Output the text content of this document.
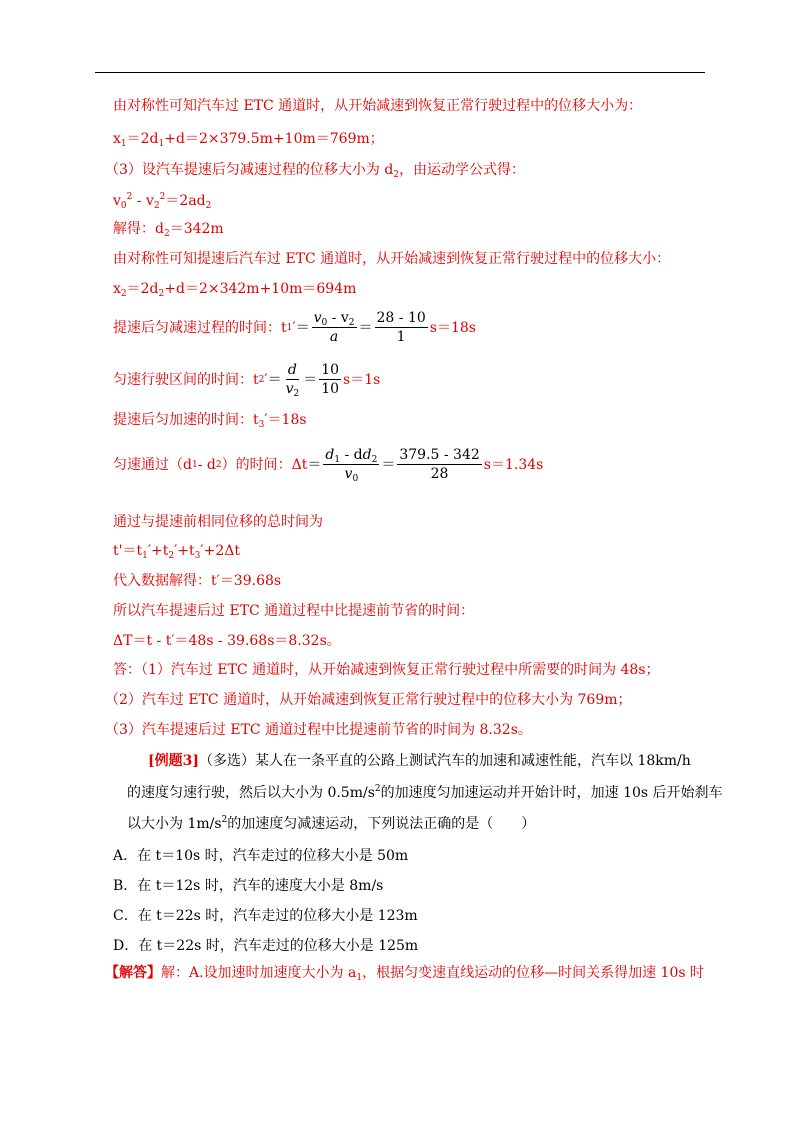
由对称性可知汽车过 ETC 通道时，从开始减速到恢复正常行驶过程中的位移大小为：
$x_1=2d_1+d=2\times 379.5m+10m=769m$；
（3）设汽车提速后匀减速过程的位移大小为 $d_2$，由运动学公式得：
$v_0^2 - v_2^2=2ad_2$
解得：$d_2=342m$
由对称性可知提速后汽车过 ETC 通道时，从开始减速到恢复正常行驶过程中的位移大小：
$x_2=2d_2+d=2\times 342m+10m=694m$
提速后匀减速过程的时间：t 1 ′ ＝ $\frac{v_0 - v_2}{a} = \frac{28 - 10}{1} s=18s$
匀速行驶区间的时间：t 2 ′ ＝ $\frac{d}{v_2} = \frac{10}{10} s=1s$
提速后匀加速的时间：$t_3'=18s$
匀速通过（d 1 - d 2 ）的时间：$\Delta t = \frac{d_1 - dd_2}{v_0} = \frac{379.5 - 342}{28} s=1.34s$
通过与提速前相同位移的总时间为
$t'=t_1'+t_2'+t_3'+2\Delta t$
代入数据解得：t′＝39.68s
所以汽车提速后过 ETC 通道过程中比提速前节省的时间：
ΔT＝t - t′＝48s - 39.68s＝8.32s。
答：（1）汽车过 ETC 通道时，从开始减速到恢复正常行驶过程中所需要的时间为 48s；
（2）汽车过 ETC 通道时，从开始减速到恢复正常行驶过程中的位移大小为 769m；
（3）汽车提速后过 ETC 通道过程中比提速前节省的时间为 8.32s。
[例题3]（多选）某人在一条平直的公路上测试汽车的加速和减速性能，汽车以 18km/h
的速度匀速行驶，然后以大小为 $0.5m/s^2$的加速度匀加速运动并开始计时，加速 10s 后开始刹车
以大小为 $1m/s^2$的加速度匀减速运动，下列说法正确的是（　　）
A．在 t＝10s 时，汽车走过的位移大小是 50m
B．在 t＝12s 时，汽车的速度大小是 8m/s
C．在 t＝22s 时，汽车走过的位移大小是 123m
D．在 t＝22s 时，汽车走过的位移大小是 125m
【解答】解：A.设加速时加速度大小为 $a_1$，根据匀变速直线运动的位移—时间关系得加速 10s 时
